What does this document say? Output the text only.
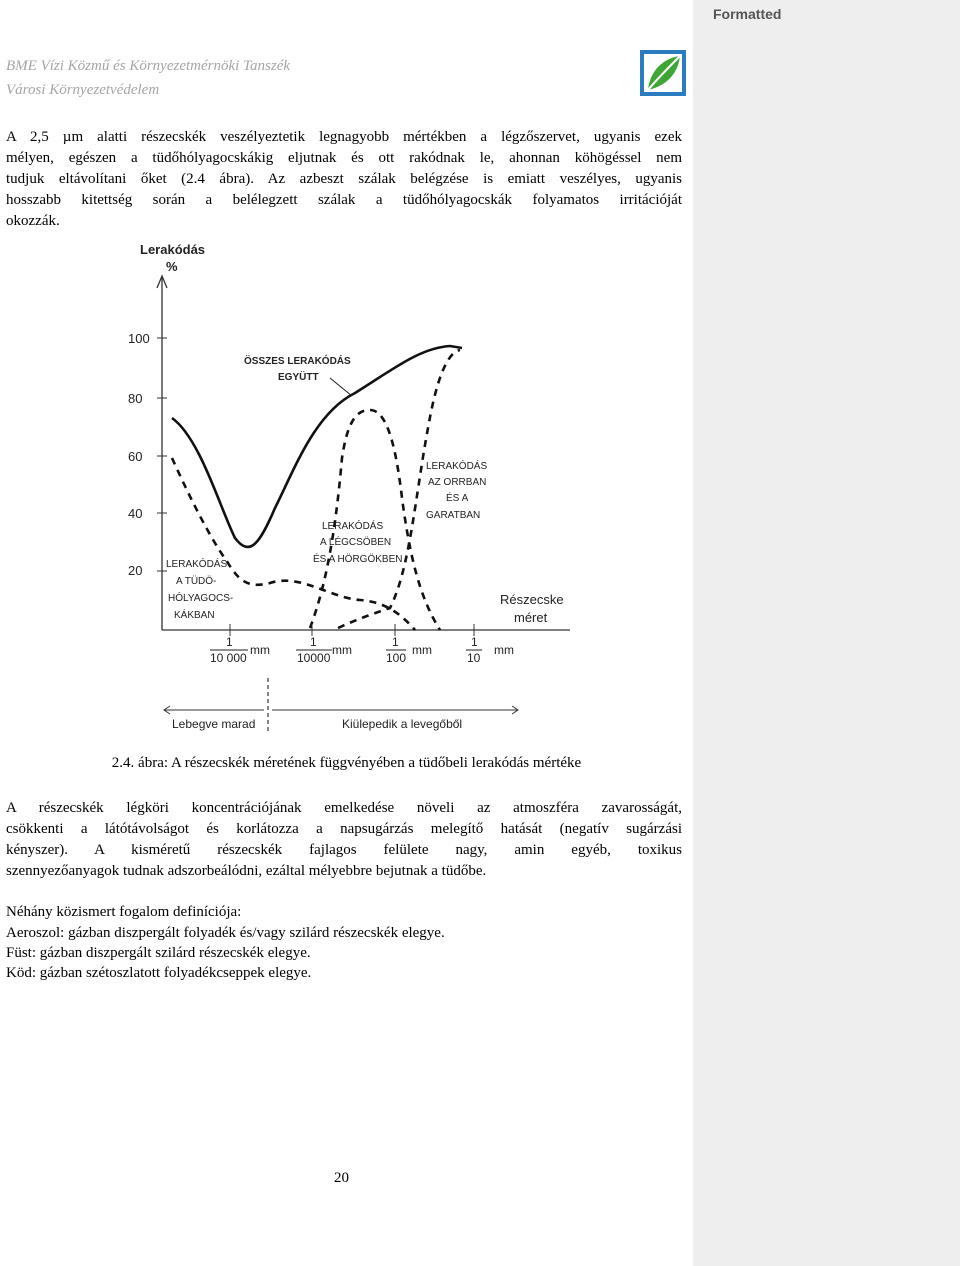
Formatted
BME Vízi Közmű és Környezetmérnöki Tanszék
Városi Környezetvédelem
A 2,5 µm alatti részecskék veszélyeztetik legnagyobb mértékben a légzőszervet, ugyanis ezek
mélyen, egészen a tüdőhólyagocskákig eljutnak és ott rakódnak le, ahonnan köhögéssel nem
tudjuk eltávolítani őket (2.4 ábra). Az azbeszt szálak belégzése is emiatt veszélyes, ugyanis
hosszabb kitettség során a belélegzett szálak a tüdőhólyagocskák folyamatos irritációját
okozzák.
Lerakódás
%
100
80
60
40
20
ÖSSZES LERAKÓDÁS
EGYÜTT
LERAKÓDÁS
AZ ORRBAN
ÉS A
GARATBAN
LERAKÓDÁS
A LÉGCSÖBEN
ÉS A HÖRGÖKBEN
LERAKÓDÁS
A TÜDÖ-
HÓLYAGOCS-
KÁKBAN
Részecske
méret
1
10 000
mm
1
10000
mm
1
100
mm
1
10
mm
Lebegve marad	Kiülepedik a levegőből
2.4. ábra: A részecskék méretének függvényében a tüdőbeli lerakódás mértéke
A részecskék légköri koncentrációjának emelkedése növeli az atmoszféra zavarosságát,
csökkenti a látótávolságot és korlátozza a napsugárzás melegítő hatását (negatív sugárzási
kényszer). A kisméretű részecskék fajlagos felülete nagy, amin egyéb, toxikus
szennyezőanyagok tudnak adszorbeálódni, ezáltal mélyebbre bejutnak a tüdőbe.
Néhány közismert fogalom definíciója:
Aeroszol: gázban diszpergált folyadék és/vagy szilárd részecskék elegye.
Füst: gázban diszpergált szilárd részecskék elegye.
Köd: gázban szétoszlatott folyadékcseppek elegye.
20
